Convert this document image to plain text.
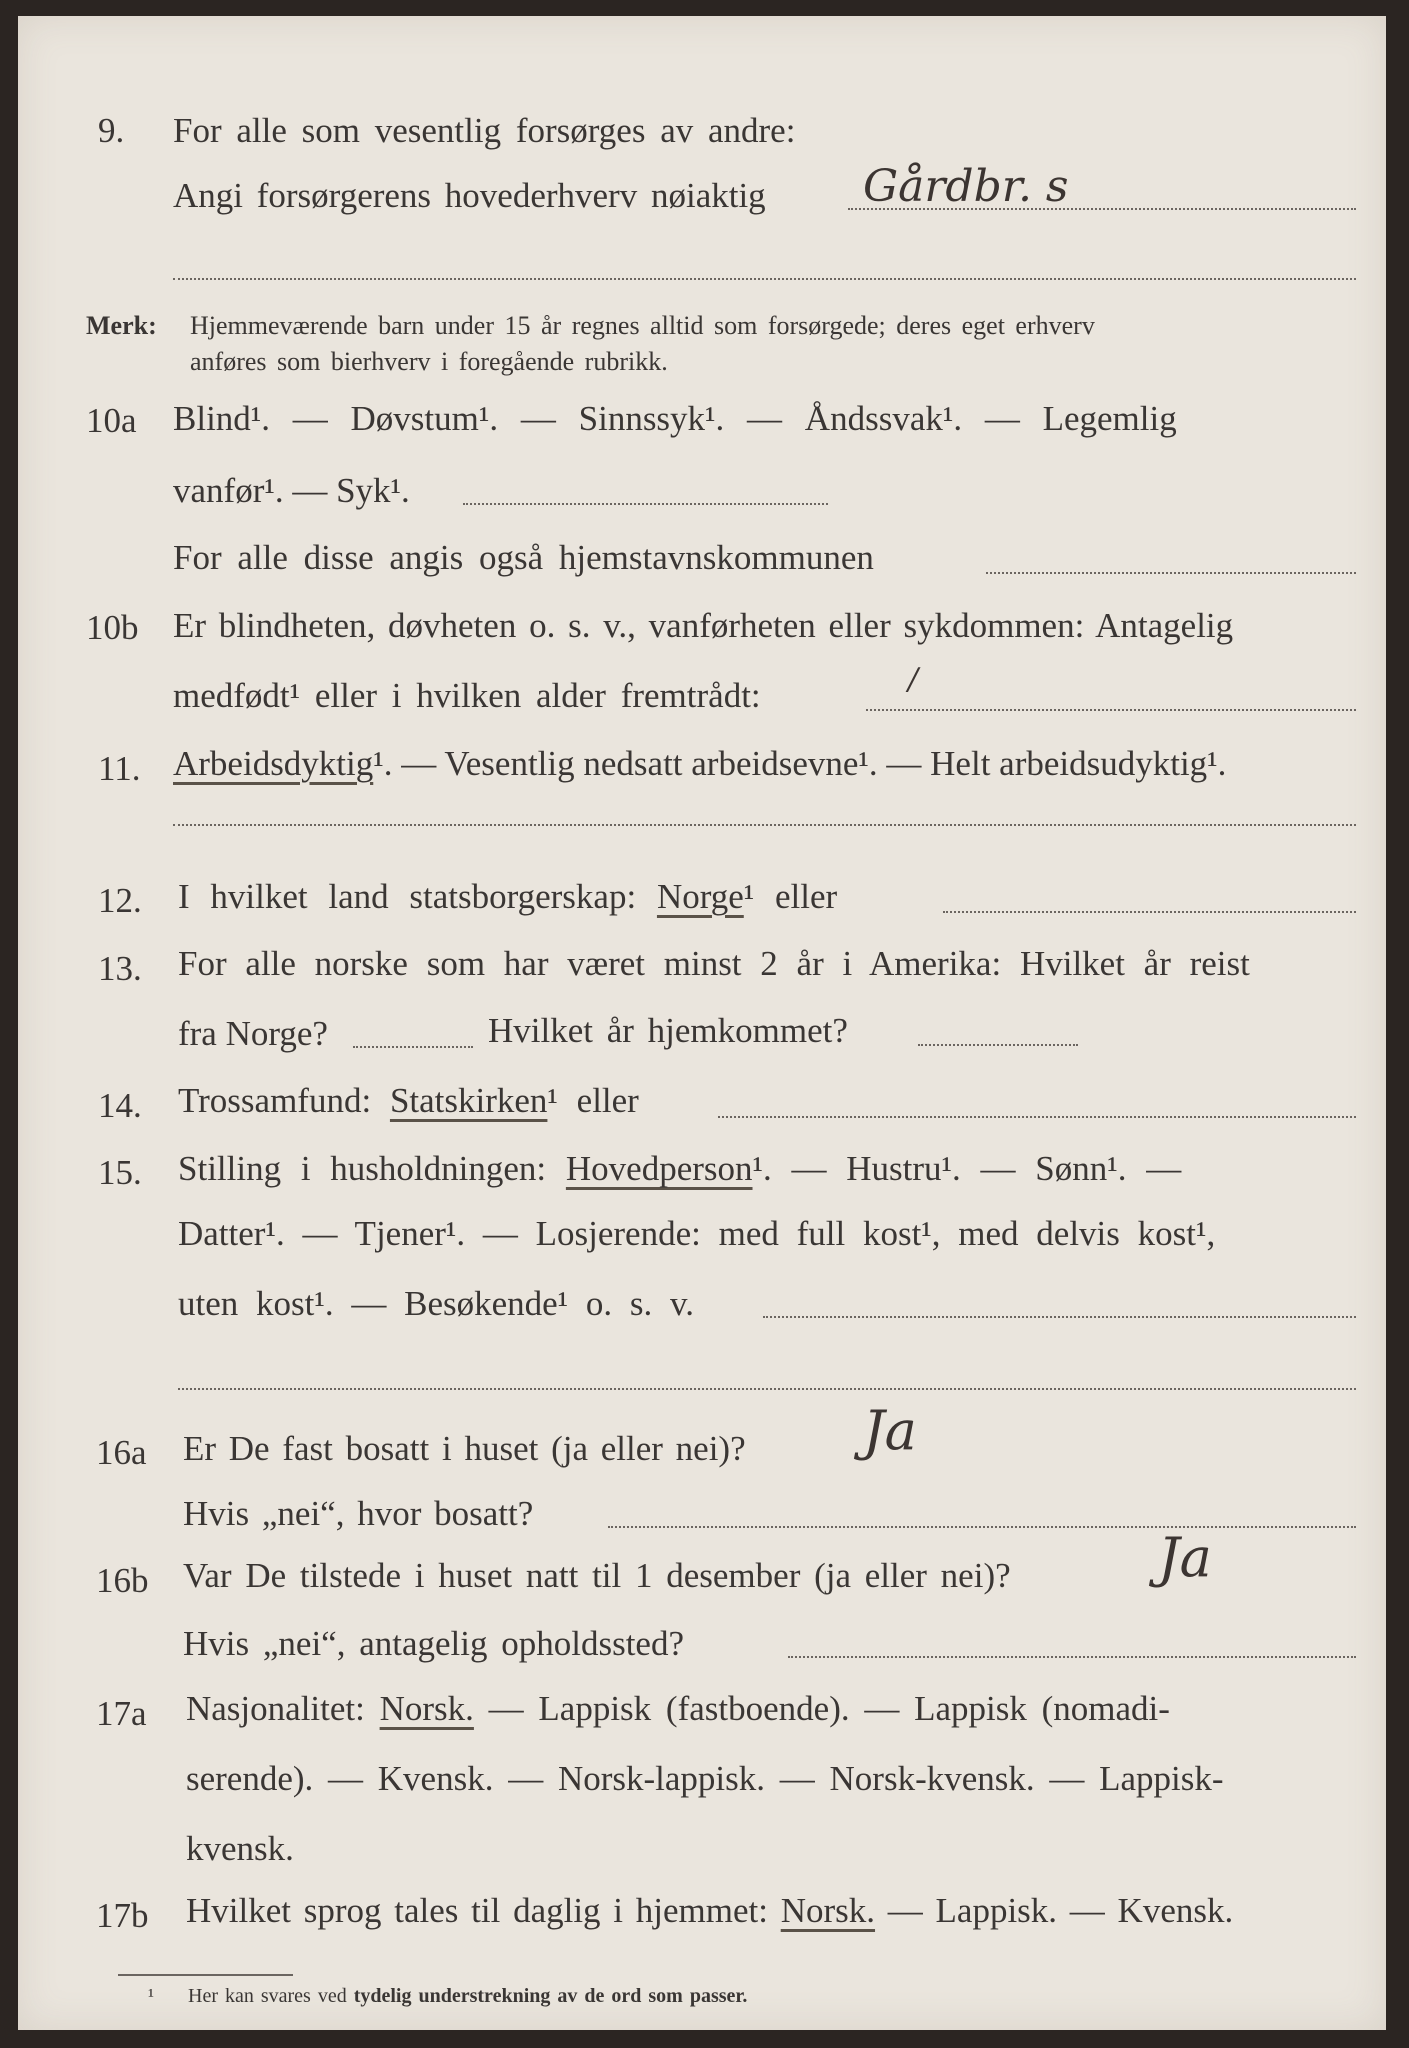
9. For alle som vesentlig forsørges av andre:
Angi forsørgerens hovederhverv nøiaktig Gårdbr. s
Merk: Hjemmeværende barn under 15 år regnes alltid som forsørgede; deres eget erhverv
anføres som bierhverv i foregående rubrikk.
10a Blind¹. — Døvstum¹. — Sinnssyk¹. — Åndssvak¹. — Legemlig
vanfør¹. — Syk¹.
For alle disse angis også hjemstavnskommunen
10b Er blindheten, døvheten o. s. v., vanførheten eller sykdommen: Antagelig
medfødt¹ eller i hvilken alder fremtrådt:	/
11. Arbeidsdyktig¹. — Vesentlig nedsatt arbeidsevne¹. — Helt arbeidsudyktig¹.
12. I hvilket land statsborgerskap: Norge¹ eller
13. For alle norske som har været minst 2 år i Amerika: Hvilket år reist
fra Norge?	Hvilket år hjemkommet?
14. Trossamfund: Statskirken¹ eller
15. Stilling i husholdningen: Hovedperson¹. — Hustru¹. — Sønn¹. —
Datter¹. — Tjener¹. — Losjerende: med full kost¹, med delvis kost¹,
uten kost¹. — Besøkende¹ o. s. v.
16a Er De fast bosatt i huset (ja eller nei)? Ja
Hvis „nei“, hvor bosatt?
16b Var De tilstede i huset natt til 1 desember (ja eller nei)?	Ja
Hvis „nei“, antagelig opholdssted?
17a Nasjonalitet: Norsk. — Lappisk (fastboende). — Lappisk (nomadi-
serende). — Kvensk. — Norsk-lappisk. — Norsk-kvensk. — Lappisk-
kvensk.
17b Hvilket sprog tales til daglig i hjemmet: Norsk. — Lappisk. — Kvensk.
¹ Her kan svares ved tydelig understrekning av de ord som passer.
